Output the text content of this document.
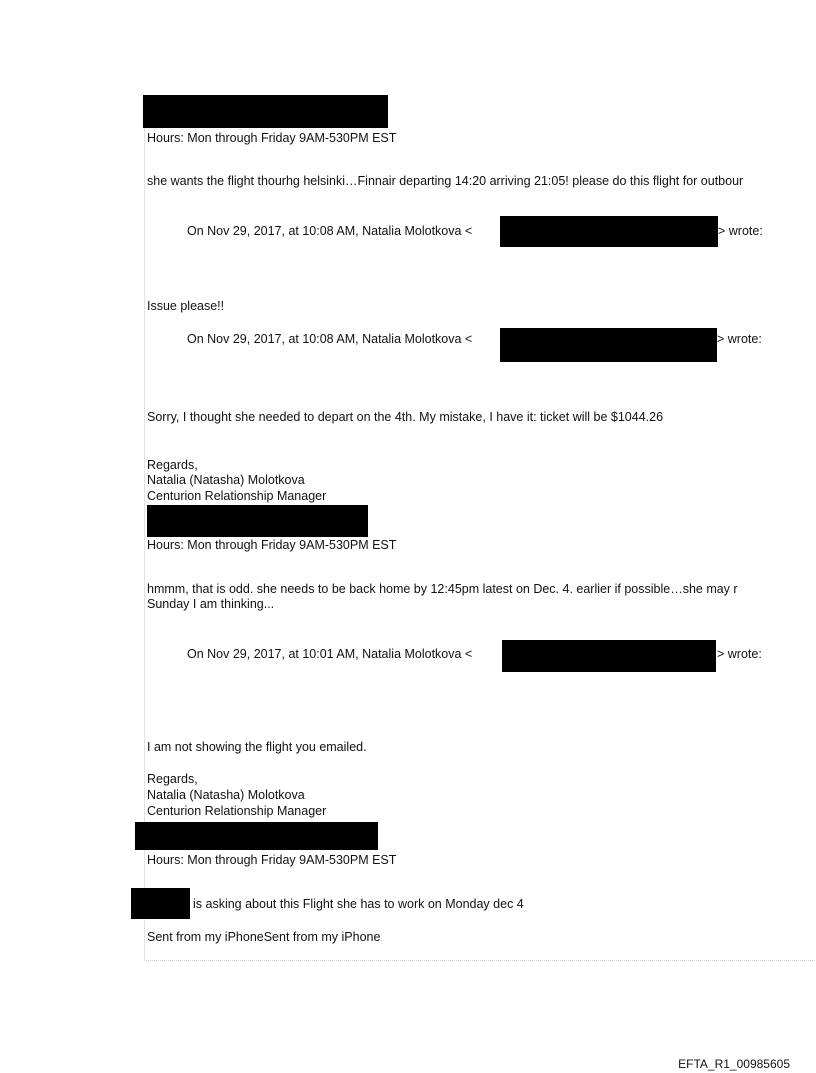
Hours: Mon through Friday 9AM-530PM EST
she wants the flight thourhg helsinki…Finnair departing 14:20 arriving 21:05! please do this flight for outbour
On Nov 29, 2017, at 10:08 AM, Natalia Molotkova <	> wrote:
Issue please!!
On Nov 29, 2017, at 10:08 AM, Natalia Molotkova <	> wrote:
Sorry, I thought she needed to depart on the 4th. My mistake, I have it: ticket will be $1044.26
Regards,
Natalia (Natasha) Molotkova
Centurion Relationship Manager
Hours: Mon through Friday 9AM-530PM EST
hmmm, that is odd. she needs to be back home by 12:45pm latest on Dec. 4. earlier if possible…she may r
Sunday I am thinking...
On Nov 29, 2017, at 10:01 AM, Natalia Molotkova <	> wrote:
I am not showing the flight you emailed.
Regards,
Natalia (Natasha) Molotkova
Centurion Relationship Manager
Hours: Mon through Friday 9AM-530PM EST
is asking about this Flight she has to work on Monday dec 4
Sent from my iPhoneSent from my iPhone
EFTA_R1_00985605
